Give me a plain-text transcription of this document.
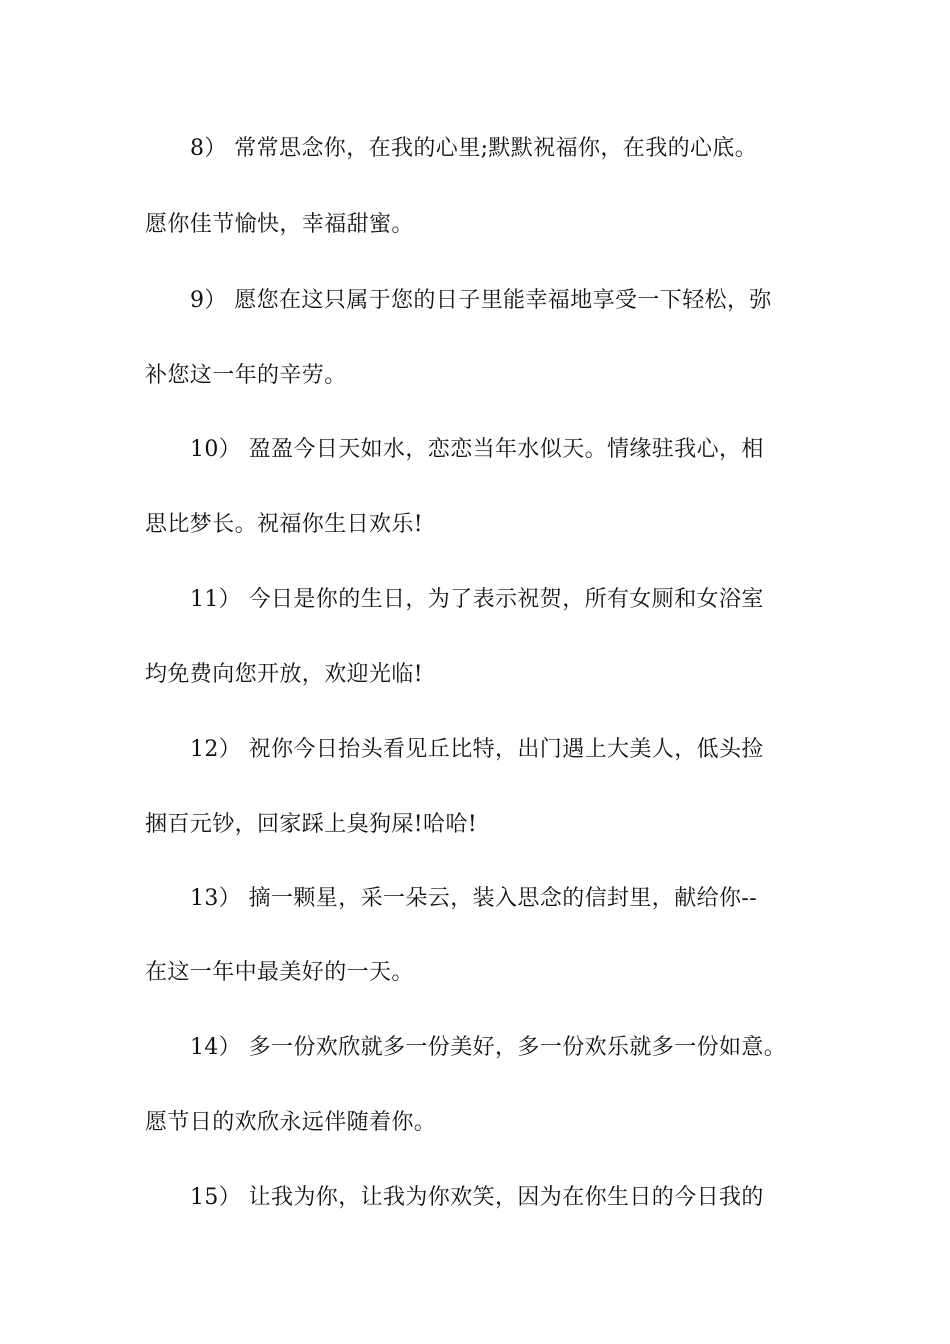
8） 常常思念你，在我的心里;默默祝福你，在我的心底。
愿你佳节愉快，幸福甜蜜。
9） 愿您在这只属于您的日子里能幸福地享受一下轻松，弥
补您这一年的辛劳。
10） 盈盈今日天如水，恋恋当年水似天。情缘驻我心，相
思比梦长。祝福你生日欢乐!
11） 今日是你的生日，为了表示祝贺，所有女厕和女浴室
均免费向您开放，欢迎光临!
12） 祝你今日抬头看见丘比特，出门遇上大美人，低头捡
捆百元钞，回家踩上臭狗屎!哈哈!
13） 摘一颗星，采一朵云，装入思念的信封里，献给你--
在这一年中最美好的一天。
14） 多一份欢欣就多一份美好，多一份欢乐就多一份如意。
愿节日的欢欣永远伴随着你。
15） 让我为你，让我为你欢笑，因为在你生日的今日我的
